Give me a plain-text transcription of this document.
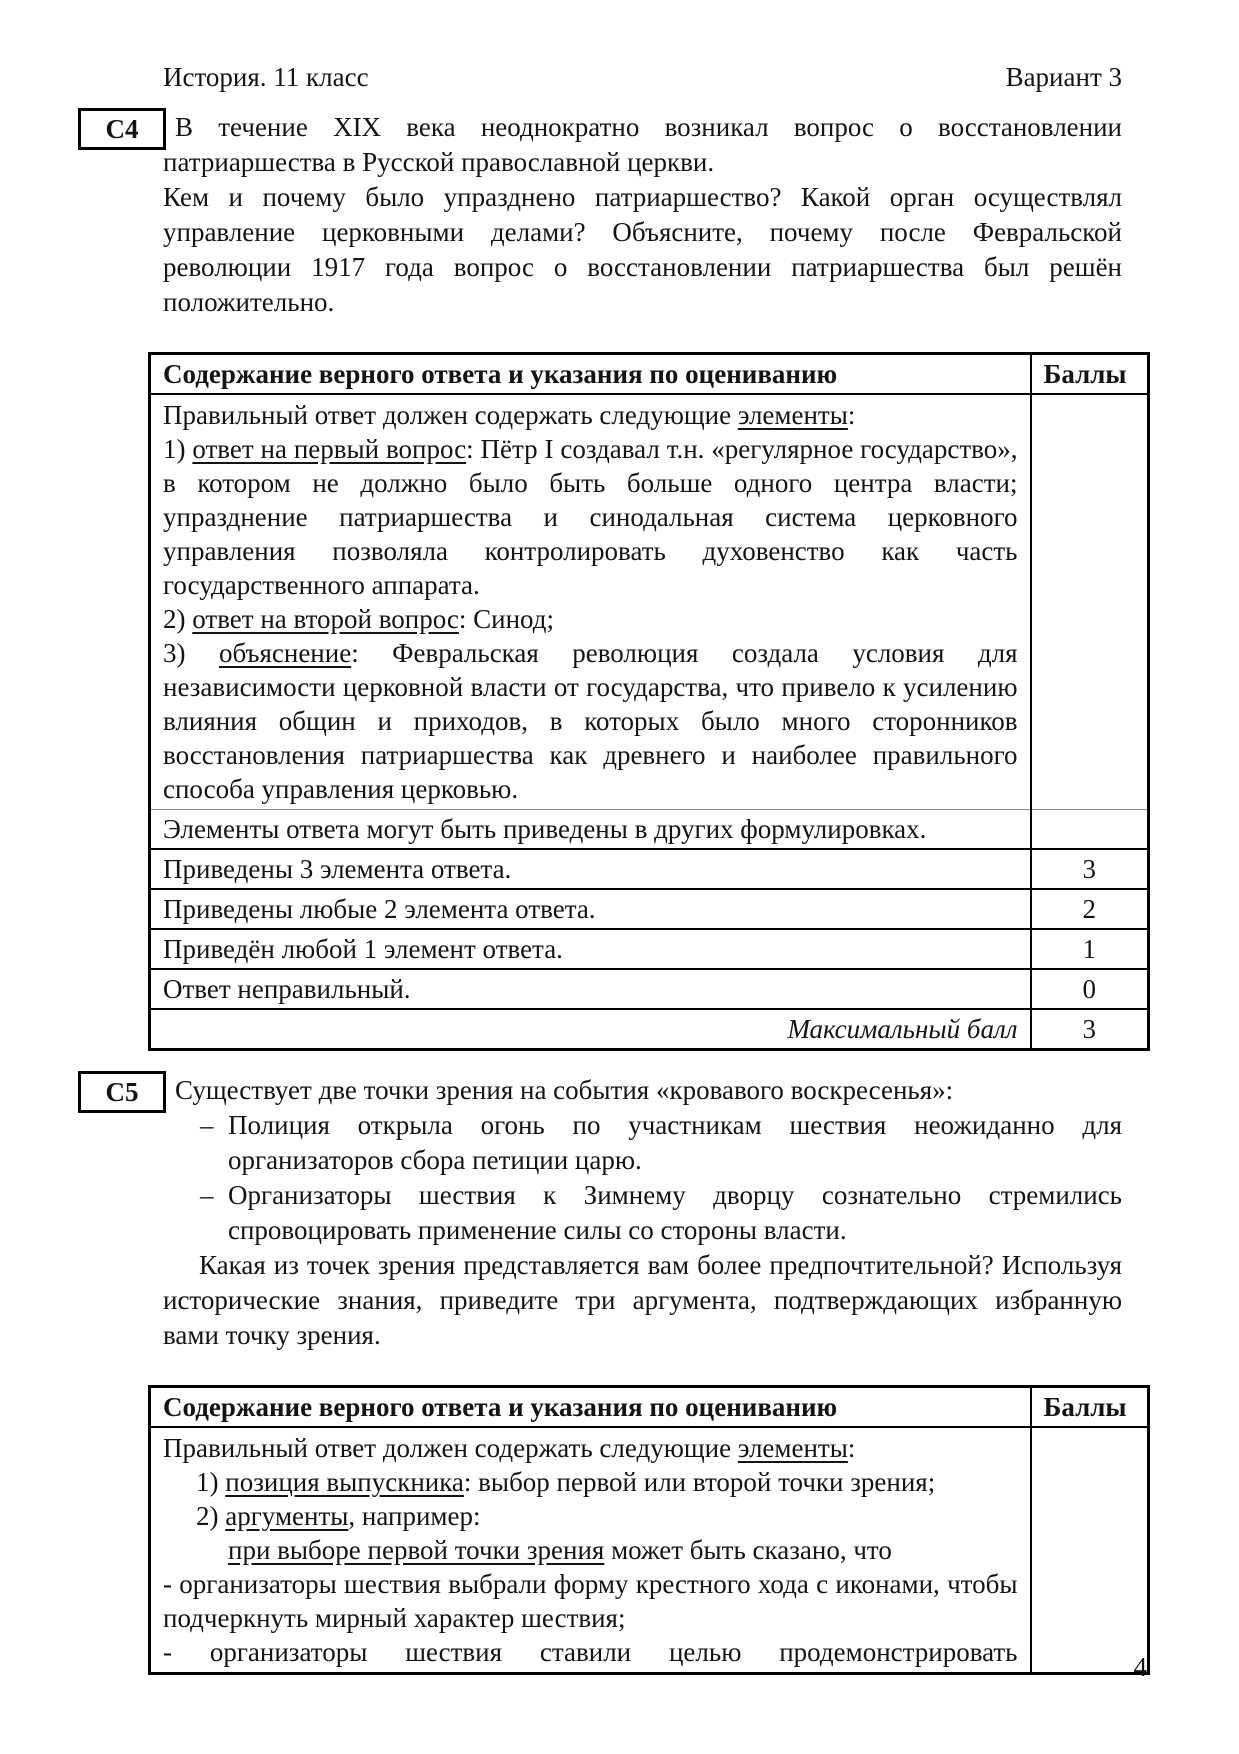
История. 11 класс	Вариант 3
С4	В течение XIX века неоднократно возникал вопрос о восстановлении патриаршества в Русской православной церкви.

Кем и почему было упразднено патриаршество? Какой орган осуществлял управление церковными делами? Объясните, почему после Февральской революции 1917 года вопрос о восстановлении патриаршества был решён положительно.

Содержание верного ответа и указания по оцениванию	Баллы

Правильный ответ должен содержать следующие элементы:

1) ответ на первый вопрос: Пётр I создавал т.н. «регулярное государство», в котором не должно было быть больше одного центра власти; упразднение патриаршества и синодальная система церковного управления позволяла контролировать духовенство как часть государственного аппарата.

2) ответ на второй вопрос: Синод;

3) объяснение: Февральская революция создала условия для независимости церковной власти от государства, что привело к усилению влияния общин и приходов, в которых было много сторонников восстановления патриаршества как древнего и наиболее правильного способа управления церковью.	

Элементы ответа могут быть приведены в других формулировках.	
Приведены 3 элемента ответа.	3
Приведены любые 2 элемента ответа.	2
Приведён любой 1 элемент ответа.	1
Ответ неправильный.	0
Максимальный балл	3
С5	Существует две точки зрения на события «кровавого воскресенья»:

– Полиция открыла огонь по участникам шествия неожиданно для организаторов сбора петиции царю.
– Организаторы шествия к Зимнему дворцу сознательно стремились спровоцировать применение силы со стороны власти.

Какая из точек зрения представляется вам более предпочтительной? Используя исторические знания, приведите три аргумента, подтверждающих избранную вами точку зрения.

Содержание верного ответа и указания по оцениванию	Баллы

Правильный ответ должен содержать следующие элементы:

1) позиция выпускника: выбор первой или второй точки зрения;

2) аргументы, например:

при выборе первой точки зрения может быть сказано, что

- организаторы шествия выбрали форму крестного хода с иконами, чтобы подчеркнуть мирный характер шествия;

- организаторы шествия ставили целью продемонстрировать

		4
